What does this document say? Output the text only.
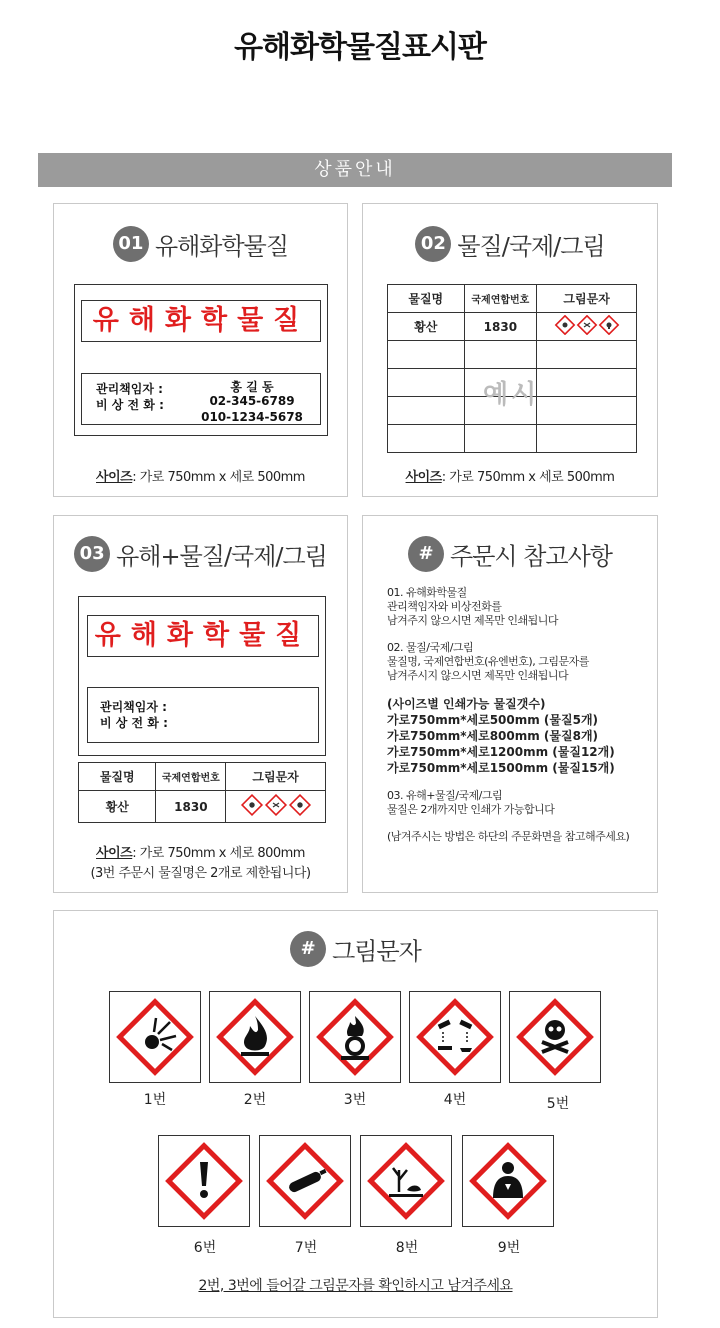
유해화학물질표시판
상품안내
01 유해화학물질
유해화학물질
관리책임자 :
비 상 전 화 :
홍 길 동
02-345-6789
010-1234-5678
사이즈: 가로 750mm x 세로 500mm
02 물질/국제/그림
물질명	국제연합번호	그림문자
황산	1830	

예시
사이즈: 가로 750mm x 세로 500mm
03 유해+물질/국제/그림
유해화학물질
관리책임자 :
비 상 전 화 :
물질명	국제연합번호	그림문자
황산	1830	
사이즈: 가로 750mm x 세로 800mm
(3번 주문시 물질명은 2개로 제한됩니다)
# 주문시 참고사항
01. 유해화학물질
관리책임자와 비상전화를
남겨주지 않으시면 제목만 인쇄됩니다
02. 물질/국제/그림
물질명, 국제연합번호(유엔번호), 그림문자를
남겨주시지 않으시면 제목만 인쇄됩니다
(사이즈별 인쇄가능 물질갯수)
가로750mm*세로500mm (물질5개)
가로750mm*세로800mm (물질8개)
가로750mm*세로1200mm (물질12개)
가로750mm*세로1500mm (물질15개)
03. 유해+물질/국제/그림
물질은 2개까지만 인쇄가 가능합니다
(남겨주시는 방법은 하단의 주문화면을 참고해주세요)
# 그림문자
1번	2번	3번	4번	5번
6번	7번	8번	9번
2번, 3번에 들어갈 그림문자를 확인하시고 남겨주세요
